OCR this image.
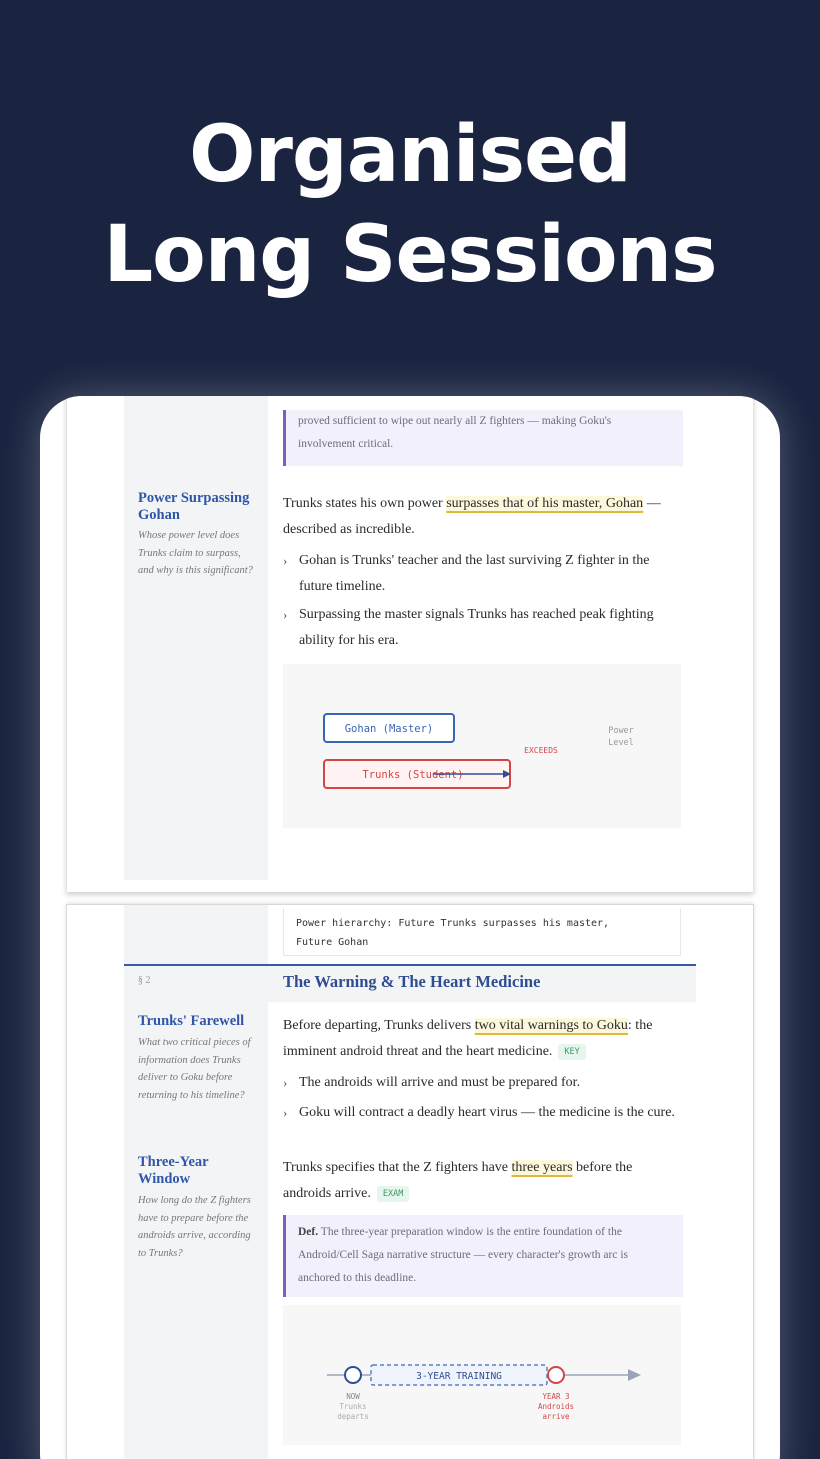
Organised
Long Sessions
proved sufficient to wipe out nearly all Z fighters — making Goku's
involvement critical.
Power Surpassing Gohan
Whose power level does Trunks claim to surpass, and why is this significant?
Trunks states his own power surpasses that of his master, Gohan — described as incredible.
› Gohan is Trunks' teacher and the last surviving Z fighter in the future timeline.
› Surpassing the master signals Trunks has reached peak fighting ability for his era.
Gohan (Master)
Trunks (Student)
EXCEEDS
Power
Level
Power hierarchy: Future Trunks surpasses his master,
Future Gohan
§ 2	The Warning & The Heart Medicine
Trunks' Farewell
What two critical pieces of information does Trunks deliver to Goku before returning to his timeline?
Before departing, Trunks delivers two vital warnings to Goku: the imminent android threat and the heart medicine. KEY
› The androids will arrive and must be prepared for.
› Goku will contract a deadly heart virus — the medicine is the cure.
Three-Year Window
How long do the Z fighters have to prepare before the androids arrive, according to Trunks?
Trunks specifies that the Z fighters have three years before the androids arrive. EXAM
Def. The three-year preparation window is the entire foundation of the Android/Cell Saga narrative structure — every character's growth arc is anchored to this deadline.
3-YEAR TRAINING
NOW
Trunks
departs
YEAR 3
Androids
arrive
